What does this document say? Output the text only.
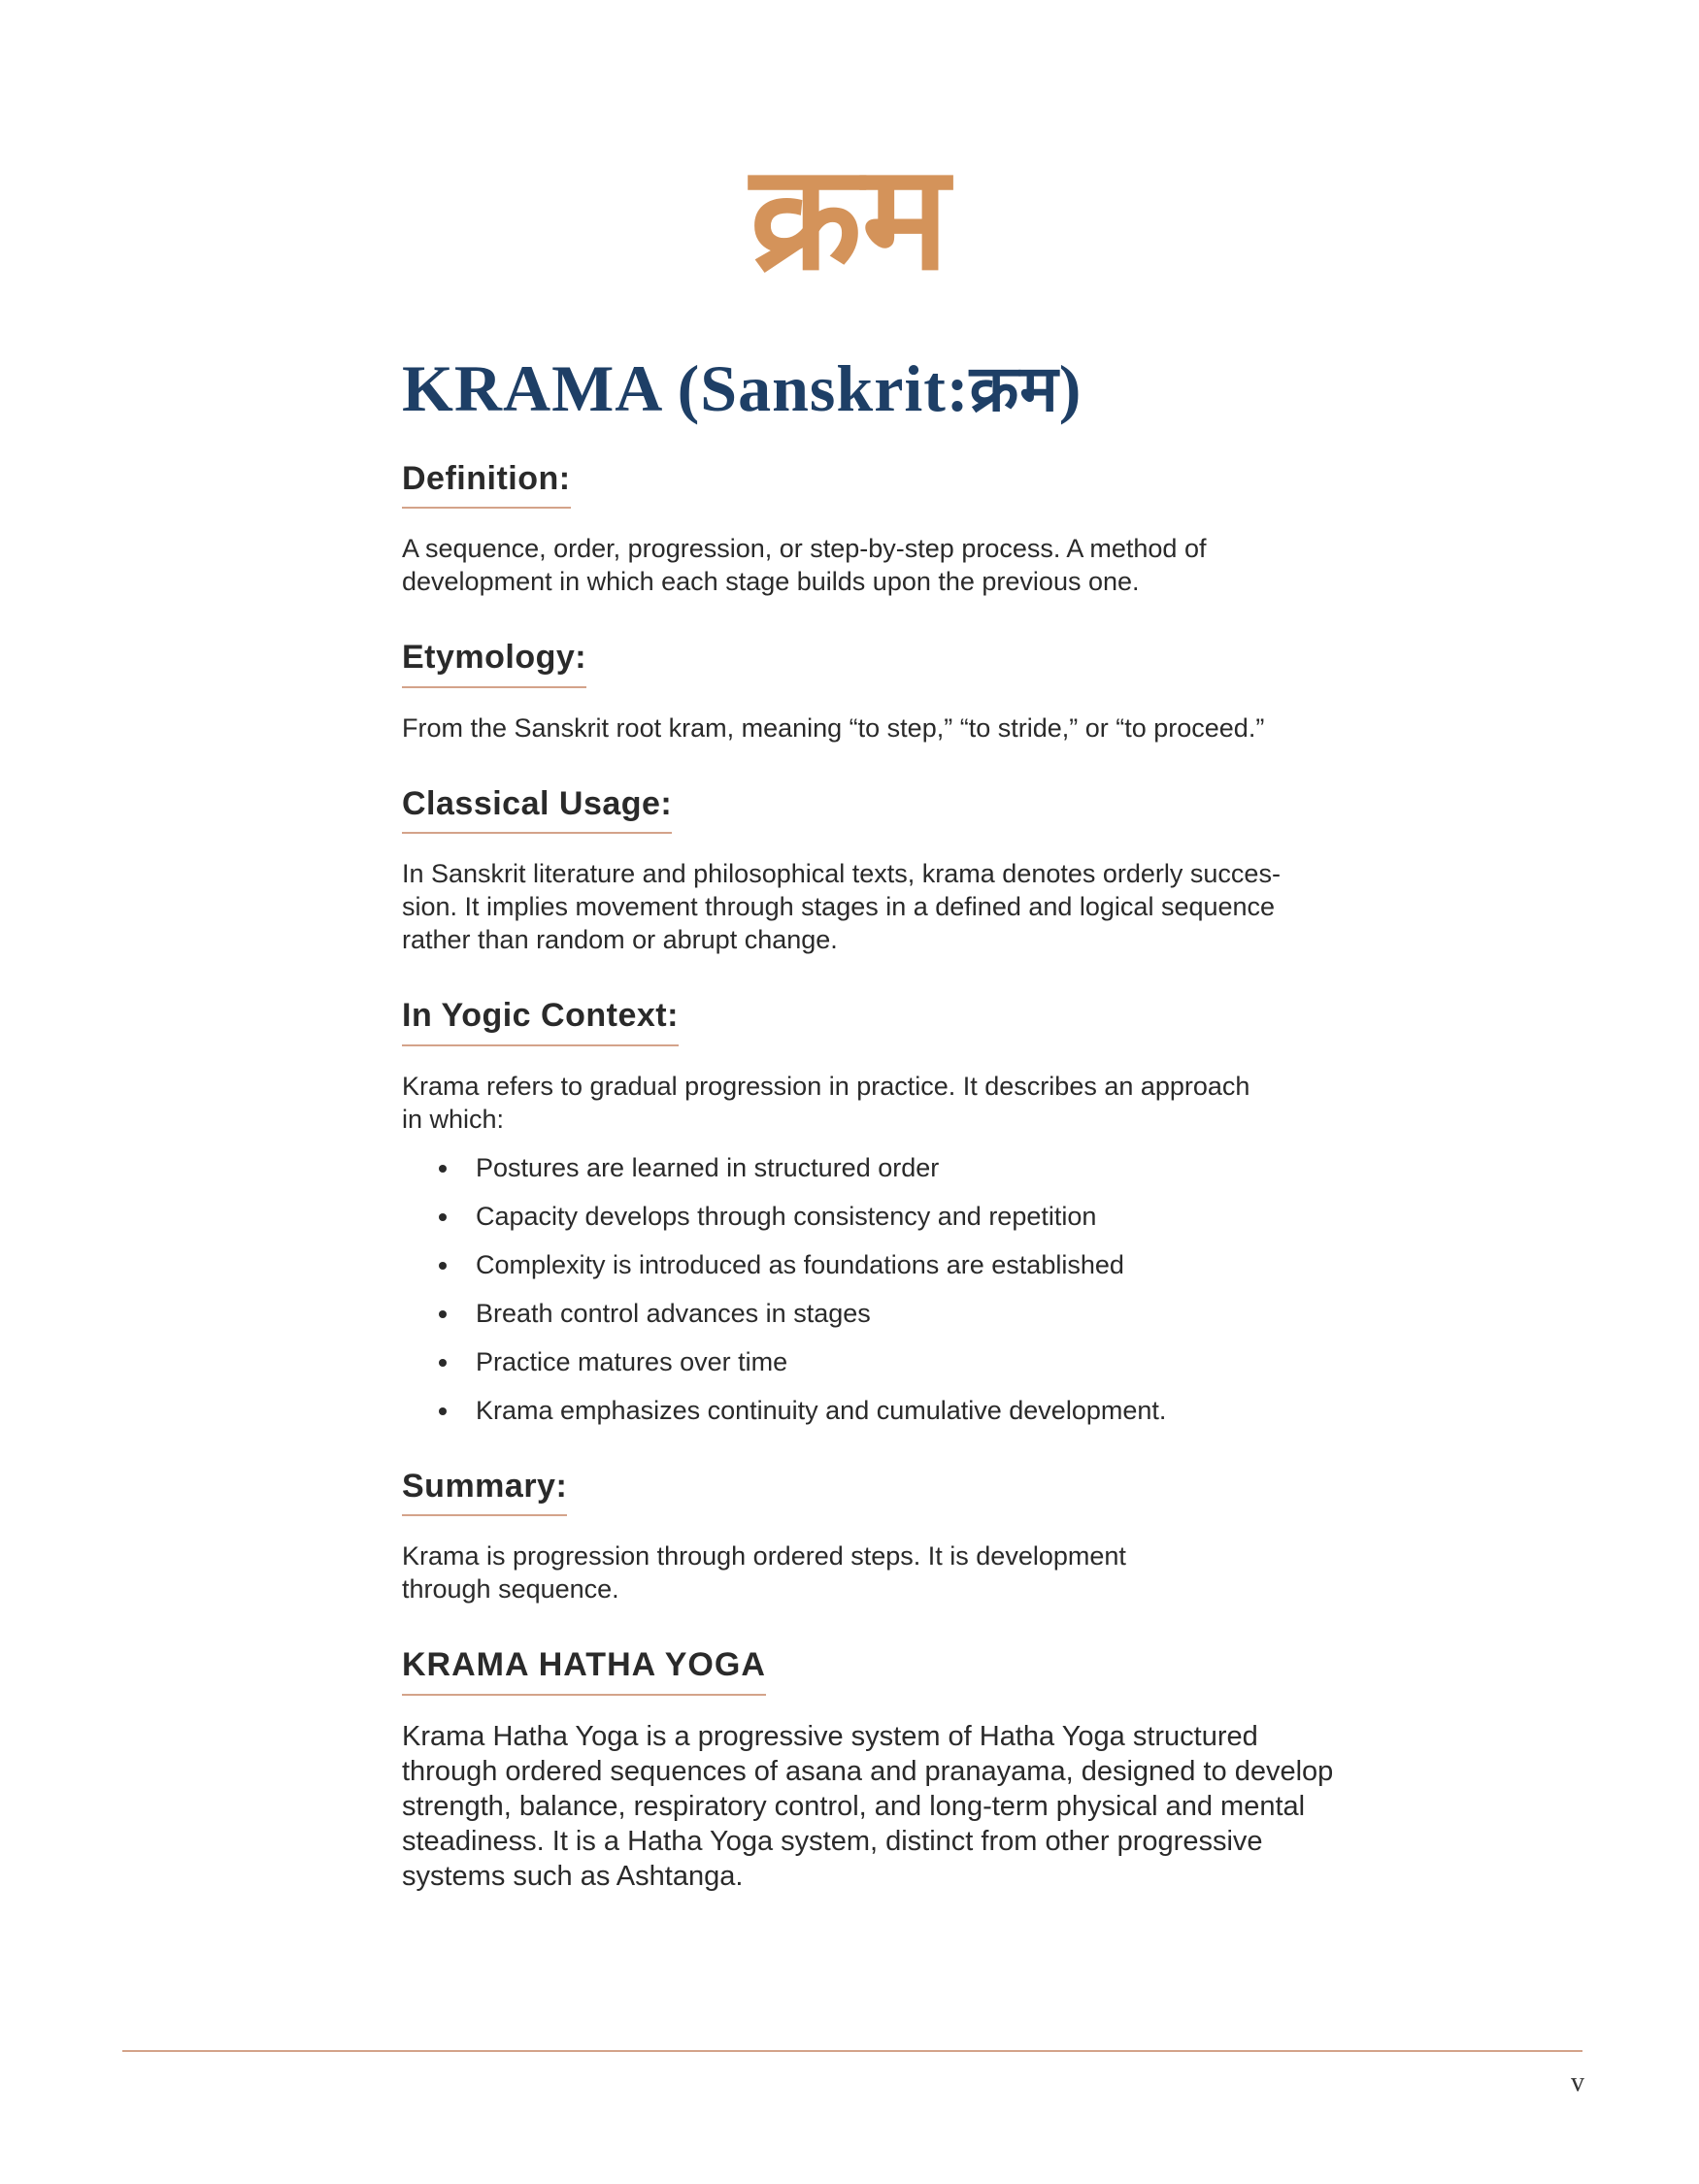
क्रम
KRAMA (Sanskrit:क्रम)
Definition:

A sequence, order, progression, or step-by-step process. A method of development in which each stage builds upon the previous one.

Etymology:

From the Sanskrit root kram, meaning “to step,” “to stride,” or “to proceed.”

Classical Usage:

In Sanskrit literature and philosophical texts, krama denotes orderly succes-sion. It implies movement through stages in a defined and logical sequence rather than random or abrupt change.

In Yogic Context:

Krama refers to gradual progression in practice. It describes an approach in which:

Postures are learned in structured order
Capacity develops through consistency and repetition
Complexity is introduced as foundations are established
Breath control advances in stages
Practice matures over time
Krama emphasizes continuity and cumulative development.
Summary:

Krama is progression through ordered steps. It is development through sequence.

KRAMA HATHA YOGA

Krama Hatha Yoga is a progressive system of Hatha Yoga structured through ordered sequences of asana and pranayama, designed to develop strength, balance, respiratory control, and long-term physical and mental steadiness. It is a Hatha Yoga system, distinct from other progressive systems such as Ashtanga.

v
